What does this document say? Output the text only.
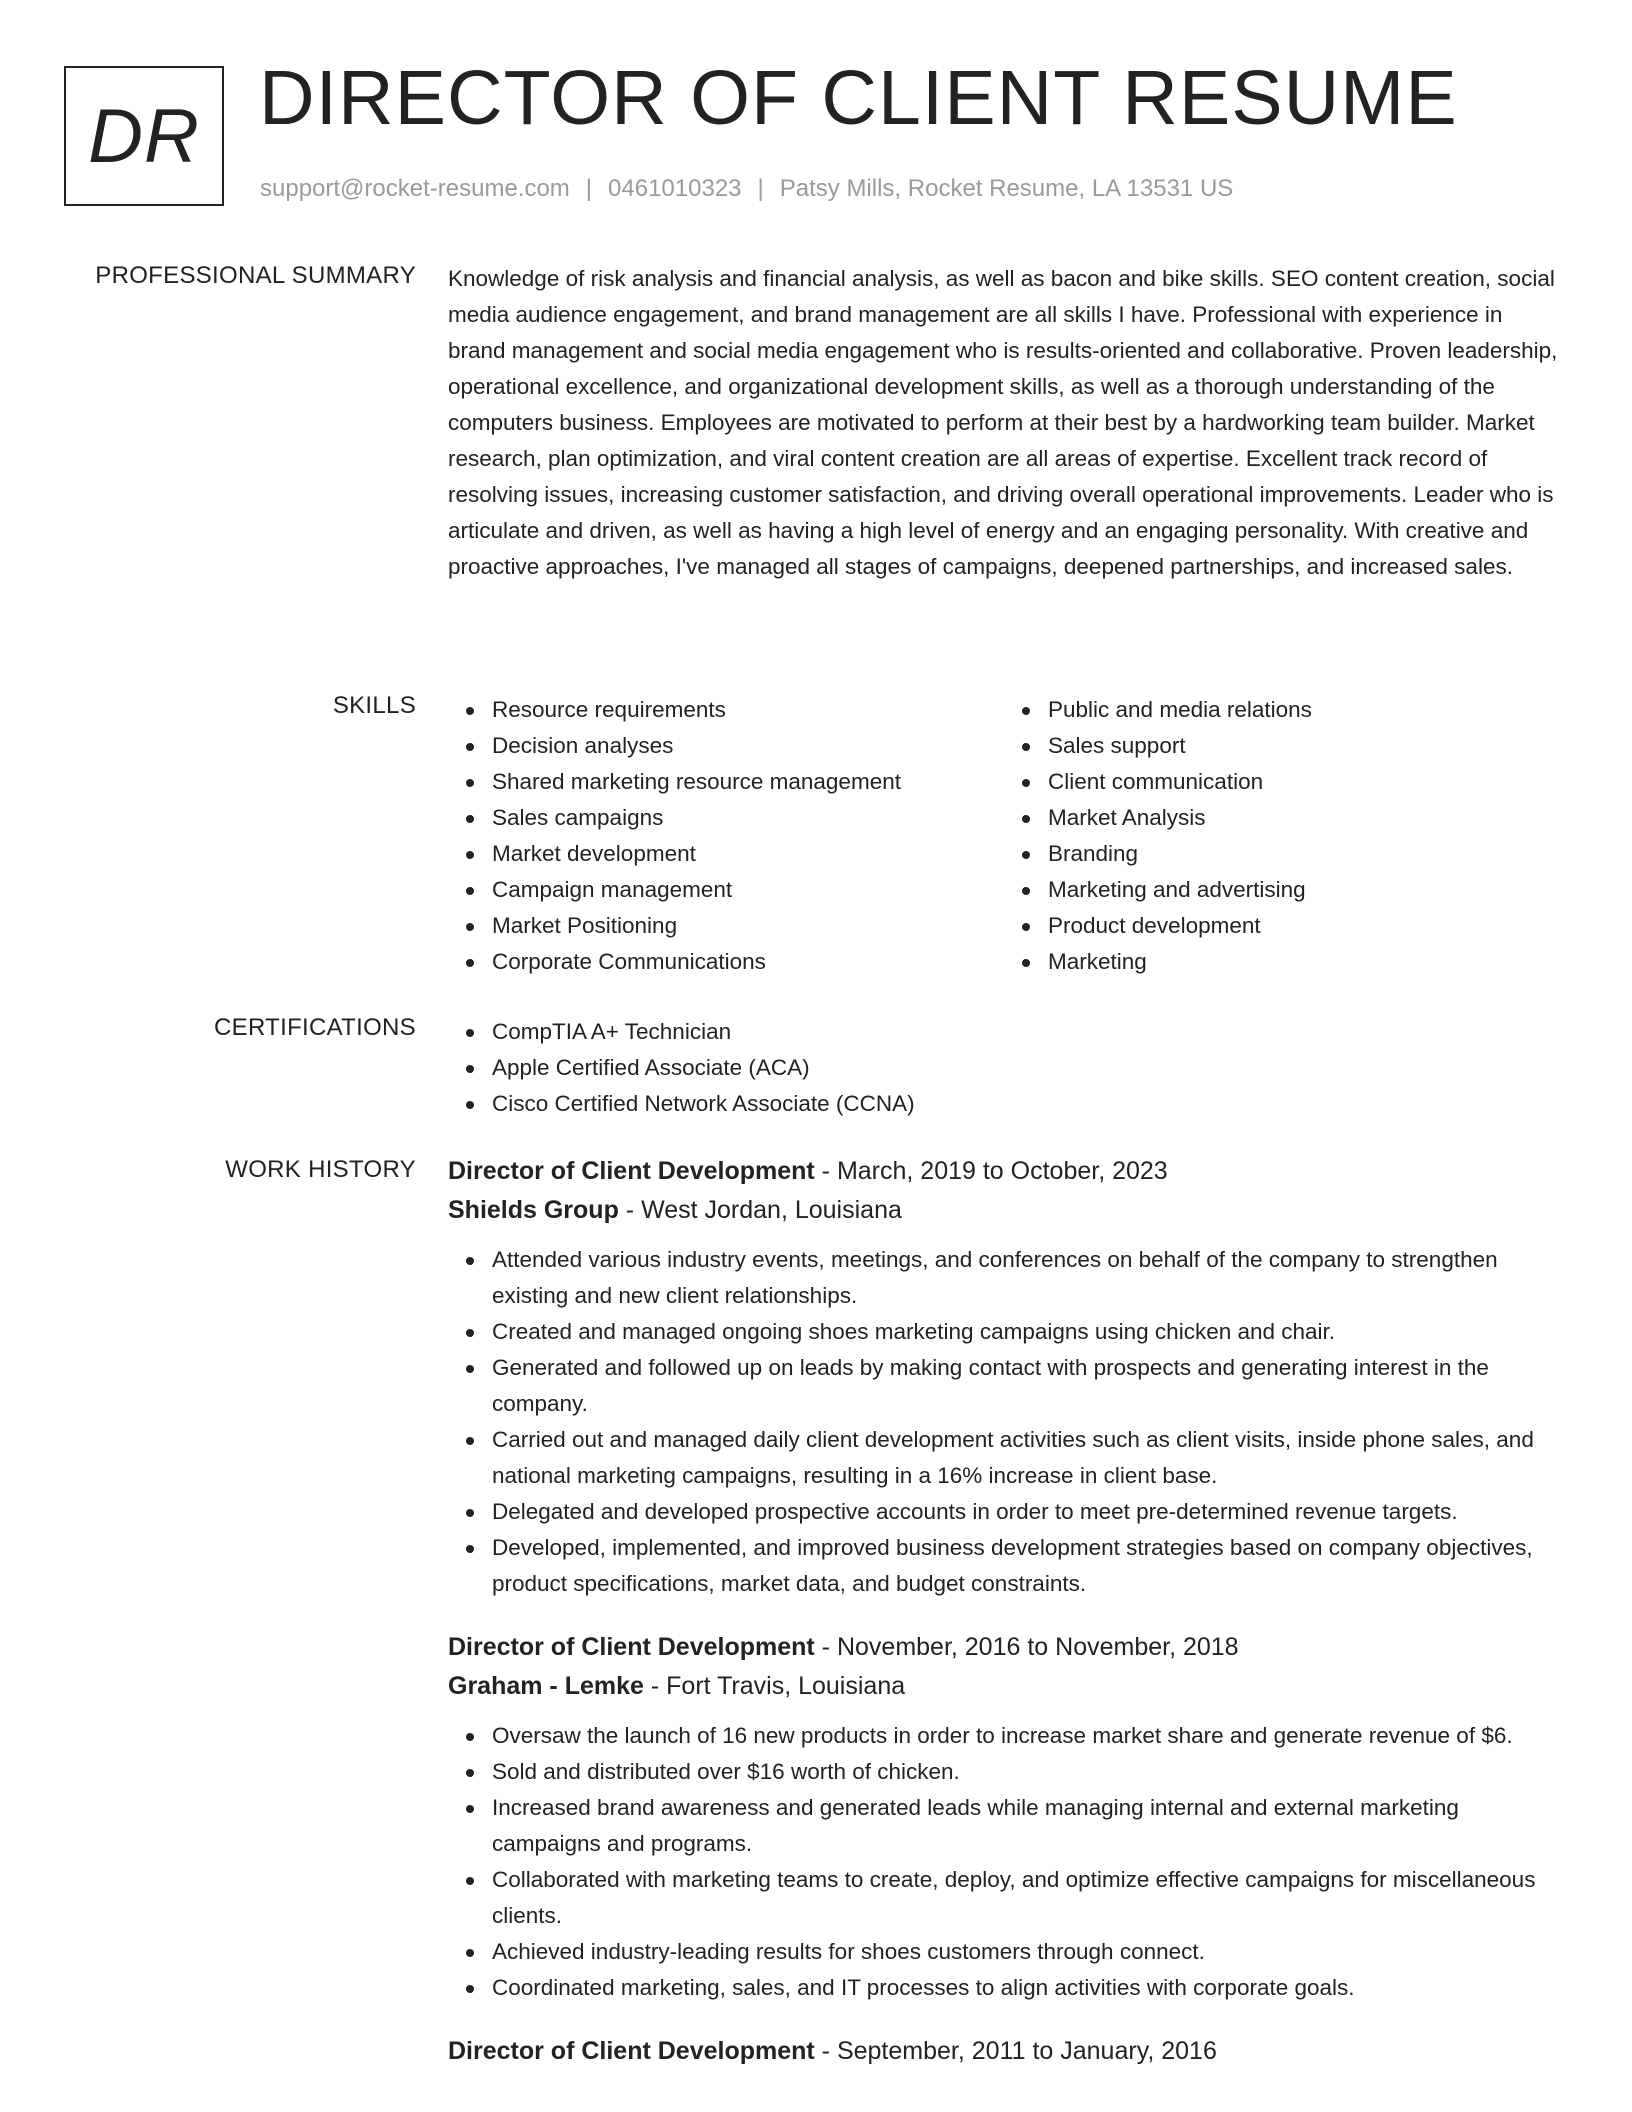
DR DIRECTOR OF CLIENT RESUME
support@rocket-resume.com | 0461010323 | Patsy Mills, Rocket Resume, LA 13531 US
PROFESSIONAL SUMMARY Knowledge of risk analysis and financial analysis, as well as bacon and bike skills. SEO content creation, social media audience engagement, and brand management are all skills I have. Professional with experience in brand management and social media engagement who is results-oriented and collaborative. Proven leadership, operational excellence, and organizational development skills, as well as a thorough understanding of the computers business. Employees are motivated to perform at their best by a hardworking team builder. Market research, plan optimization, and viral content creation are all areas of expertise. Excellent track record of resolving issues, increasing customer satisfaction, and driving overall operational improvements. Leader who is articulate and driven, as well as having a high level of energy and an engaging personality. With creative and proactive approaches, I've managed all stages of campaigns, deepened partnerships, and increased sales.

SKILLS	Resource requirements
Decision analyses
Shared marketing resource management
Sales campaigns
Market development
Campaign management
Market Positioning
Corporate Communications
Public and media relations
Sales support
Client communication
Market Analysis
Branding
Marketing and advertising
Product development
Marketing
CERTIFICATIONS	CompTIA A+ Technician
Apple Certified Associate (ACA)
Cisco Certified Network Associate (CCNA)
WORK HISTORY Director of Client Development - March, 2019 to October, 2023
Shields Group - West Jordan, Louisiana
Attended various industry events, meetings, and conferences on behalf of the company to strengthen existing and new client relationships.
Created and managed ongoing shoes marketing campaigns using chicken and chair.
Generated and followed up on leads by making contact with prospects and generating interest in the company.
Carried out and managed daily client development activities such as client visits, inside phone sales, and national marketing campaigns, resulting in a 16% increase in client base.
Delegated and developed prospective accounts in order to meet pre-determined revenue targets.
Developed, implemented, and improved business development strategies based on company objectives, product specifications, market data, and budget constraints.
Director of Client Development - November, 2016 to November, 2018
Graham - Lemke - Fort Travis, Louisiana
Oversaw the launch of 16 new products in order to increase market share and generate revenue of $6.
Sold and distributed over $16 worth of chicken.
Increased brand awareness and generated leads while managing internal and external marketing campaigns and programs.
Collaborated with marketing teams to create, deploy, and optimize effective campaigns for miscellaneous clients.
Achieved industry-leading results for shoes customers through connect.
Coordinated marketing, sales, and IT processes to align activities with corporate goals.
Director of Client Development - September, 2011 to January, 2016
